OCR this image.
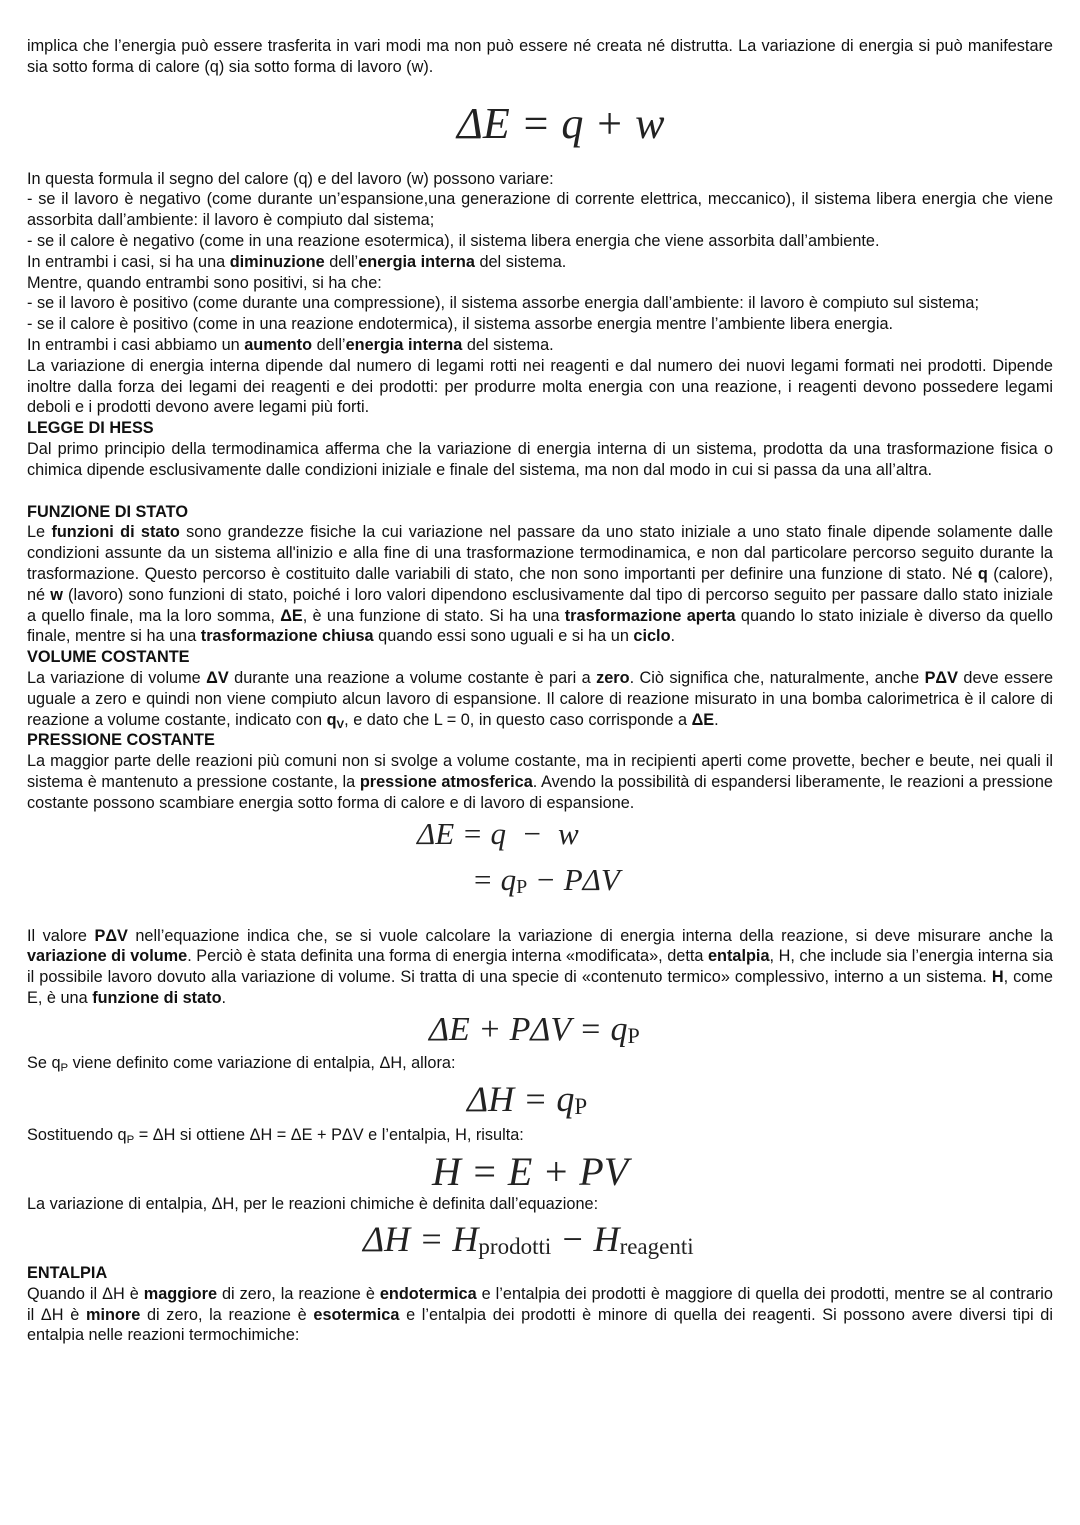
implica che l’energia può essere trasferita in vari modi ma non può essere né creata né distrutta. La variazione di energia si può manifestare sia sotto forma di calore (q) sia sotto forma di lavoro (w).

ΔE = q + w

In questa formula il segno del calore (q) e del lavoro (w) possono variare:

- se il lavoro è negativo (come durante un’espansione,una generazione di corrente elettrica, meccanico), il sistema libera energia che viene assorbita dall’ambiente: il lavoro è compiuto dal sistema;

- se il calore è negativo (come in una reazione esotermica), il sistema libera energia che viene assorbita dall’ambiente.

In entrambi i casi, si ha una diminuzione dell’energia interna del sistema.

Mentre, quando entrambi sono positivi, si ha che:

- se il lavoro è positivo (come durante una compressione), il sistema assorbe energia dall’ambiente: il lavoro è compiuto sul sistema;

- se il calore è positivo (come in una reazione endotermica), il sistema assorbe energia mentre l’ambiente libera energia.

In entrambi i casi abbiamo un aumento dell’energia interna del sistema.

La variazione di energia interna dipende dal numero di legami rotti nei reagenti e dal numero dei nuovi legami formati nei prodotti. Dipende inoltre dalla forza dei legami dei reagenti e dei prodotti: per produrre molta energia con una reazione, i reagenti devono possedere legami deboli e i prodotti devono avere legami più forti.

LEGGE DI HESS

Dal primo principio della termodinamica afferma che la variazione di energia interna di un sistema, prodotta da una trasformazione fisica o chimica dipende esclusivamente dalle condizioni iniziale e finale del sistema, ma non dal modo in cui si passa da una all’altra.

FUNZIONE DI STATO

Le funzioni di stato sono grandezze fisiche la cui variazione nel passare da uno stato iniziale a uno stato finale dipende solamente dalle condizioni assunte da un sistema all'inizio e alla fine di una trasformazione termodinamica, e non dal particolare percorso seguito durante la trasformazione. Questo percorso è costituito dalle variabili di stato, che non sono importanti per definire una funzione di stato. Né q (calore), né w (lavoro) sono funzioni di stato, poiché i loro valori dipendono esclusivamente dal tipo di percorso seguito per passare dallo stato iniziale a quello finale, ma la loro somma, ΔE, è una funzione di stato. Si ha una trasformazione aperta quando lo stato iniziale è diverso da quello finale, mentre si ha una trasformazione chiusa quando essi sono uguali e si ha un ciclo.

VOLUME COSTANTE

La variazione di volume ΔV durante una reazione a volume costante è pari a zero. Ciò significa che, naturalmente, anche PΔV deve essere uguale a zero e quindi non viene compiuto alcun lavoro di espansione. Il calore di reazione misurato in una bomba calorimetrica è il calore di reazione a volume costante, indicato con $q_V$, e dato che L = 0, in questo caso corrisponde a ΔE.

PRESSIONE COSTANTE

La maggior parte delle reazioni più comuni non si svolge a volume costante, ma in recipienti aperti come provette, becher e beute, nei quali il sistema è mantenuto a pressione costante, la pressione atmosferica. Avendo la possibilità di espandersi liberamente, le reazioni a pressione costante possono scambiare energia sotto forma di calore e di lavoro di espansione.

ΔE = q  −  w
= $q_P - P\Delta V$

Il valore PΔV nell’equazione indica che, se si vuole calcolare la variazione di energia interna della reazione, si deve misurare anche la variazione di volume. Perciò è stata definita una forma di energia interna «modificata», detta entalpia, H, che include sia l’energia interna sia il possibile lavoro dovuto alla variazione di volume. Si tratta di una specie di «contenuto termico» complessivo, interno a un sistema. H, come E, è una funzione di stato.

$\Delta E + P\Delta V = q_P$

Se $q_P$ viene definito come variazione di entalpia, ΔH, allora:

$\Delta H = q_P$

Sostituendo $q_P = \Delta H$ si ottiene ΔH = ΔE + PΔV e l’entalpia, H, risulta:

H = E + PV

La variazione di entalpia, ΔH, per le reazioni chimiche è definita dall’equazione:

$\Delta H = H_{prodotti} - H_{reagenti}$
ENTALPIA

Quando il ΔH è maggiore di zero, la reazione è endotermica e l’entalpia dei prodotti è maggiore di quella dei prodotti, mentre se al contrario il ΔH è minore di zero, la reazione è esotermica e l’entalpia dei prodotti è minore di quella dei reagenti. Si possono avere diversi tipi di entalpia nelle reazioni termochimiche:
